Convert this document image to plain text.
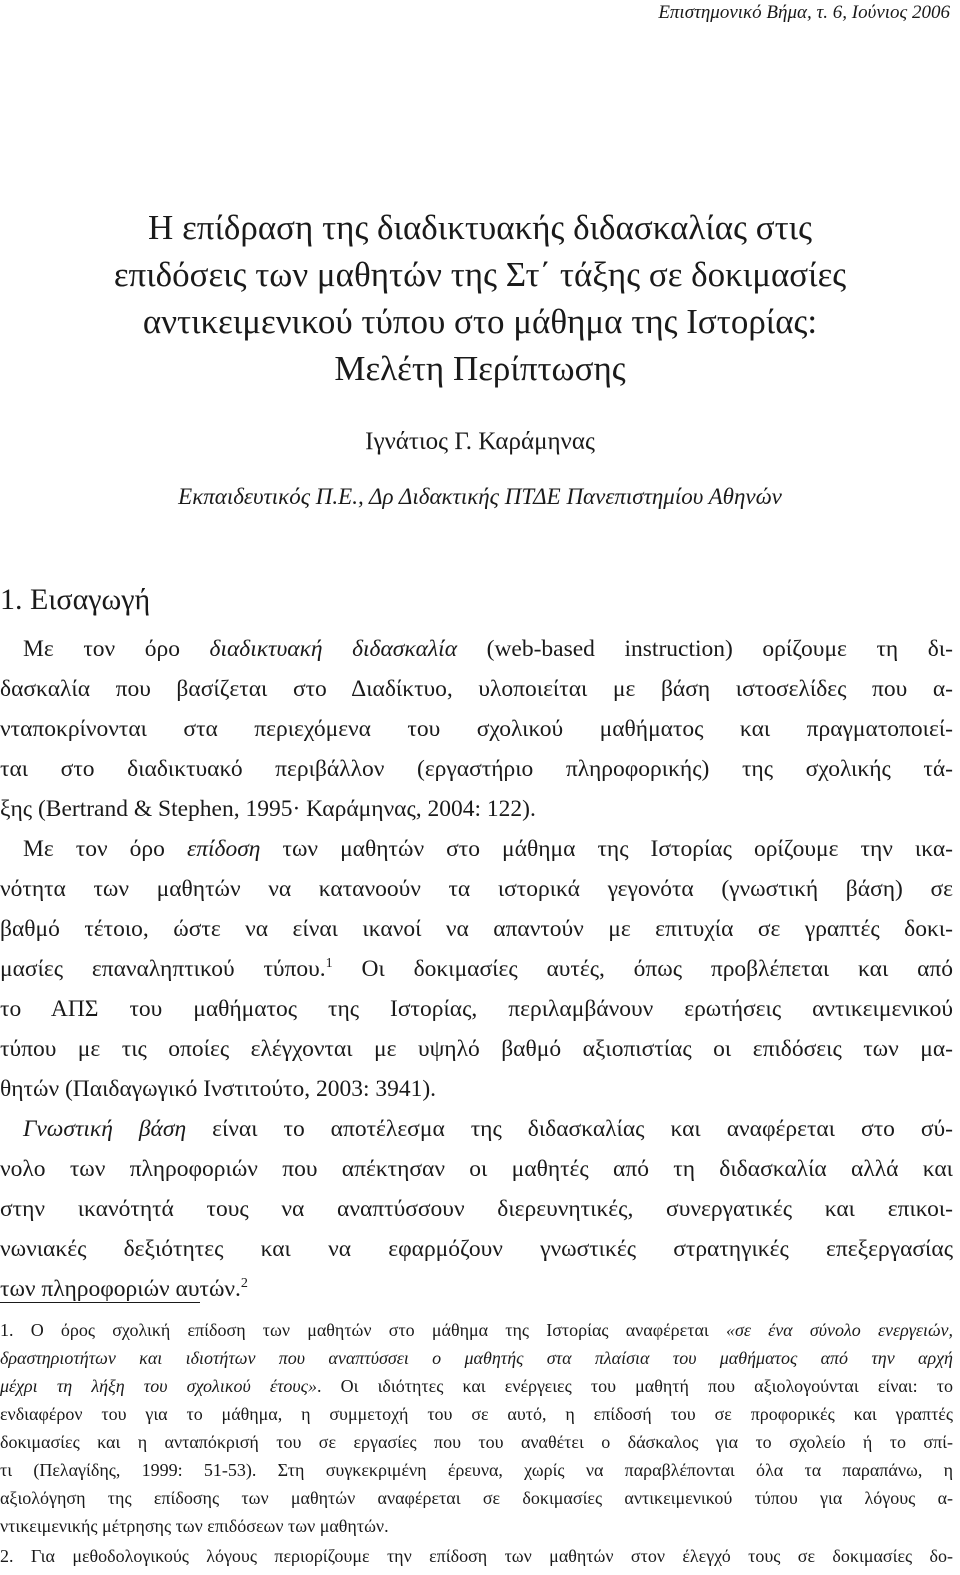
Επιστημονικό Βήμα, τ. 6, Ιούνιος 2006
Η επίδραση της διαδικτυακής διδασκαλίας στις
επιδόσεις των μαθητών της Στ΄ τάξης σε δοκιμασίες
αντικειμενικού τύπου στο μάθημα της Ιστορίας:
Μελέτη Περίπτωσης
Ιγνάτιος Γ. Καράμηνας
Εκπαιδευτικός Π.Ε., Δρ Διδακτικής ΠΤΔΕ Πανεπιστημίου Αθηνών
1. Εισαγωγή
Με τον όρο διαδικτυακή διδασκαλία (web-based instruction) ορίζουμε τη δι-
δασκαλία που βασίζεται στο Διαδίκτυο, υλοποιείται με βάση ιστοσελίδες που α-
νταποκρίνονται στα περιεχόμενα του σχολικού μαθήματος και πραγματοποιεί-
ται στο διαδικτυακό περιβάλλον (εργαστήριο πληροφορικής) της σχολικής τά-
ξης (Bertrand & Stephen, 1995· Καράμηνας, 2004: 122).
Με τον όρο επίδοση των μαθητών στο μάθημα της Ιστορίας ορίζουμε την ικα-
νότητα των μαθητών να κατανοούν τα ιστορικά γεγονότα (γνωστική βάση) σε
βαθμό τέτοιο, ώστε να είναι ικανοί να απαντούν με επιτυχία σε γραπτές δοκι-
μασίες επαναληπτικού τύπου.$^1$ Οι δοκιμασίες αυτές, όπως προβλέπεται και από
το ΑΠΣ του μαθήματος της Ιστορίας, περιλαμβάνουν ερωτήσεις αντικειμενικού
τύπου με τις οποίες ελέγχονται με υψηλό βαθμό αξιοπιστίας οι επιδόσεις των μα-
θητών (Παιδαγωγικό Ινστιτούτο, 2003: 3941).
Γνωστική βάση είναι το αποτέλεσμα της διδασκαλίας και αναφέρεται στο σύ-
νολο των πληροφοριών που απέκτησαν οι μαθητές από τη διδασκαλία αλλά και
στην ικανότητά τους να αναπτύσσουν διερευνητικές, συνεργατικές και επικοι-
νωνιακές δεξιότητες και να εφαρμόζουν γνωστικές στρατηγικές επεξεργασίας
των πληροφοριών αυτών.$^2$
1. Ο όρος σχολική επίδοση των μαθητών στο μάθημα της Ιστορίας αναφέρεται «σε ένα σύνολο ενεργειών,
δραστηριοτήτων και ιδιοτήτων που αναπτύσσει ο μαθητής στα πλαίσια του μαθήματος από την αρχή
μέχρι τη λήξη του σχολικού έτους». Οι ιδιότητες και ενέργειες του μαθητή που αξιολογούνται είναι: το
ενδιαφέρον του για το μάθημα, η συμμετοχή του σε αυτό, η επίδοσή του σε προφορικές και γραπτές
δοκιμασίες και η ανταπόκρισή του σε εργασίες που του αναθέτει ο δάσκαλος για το σχολείο ή το σπί-
τι (Πελαγίδης, 1999: 51-53). Στη συγκεκριμένη έρευνα, χωρίς να παραβλέπονται όλα τα παραπάνω, η
αξιολόγηση της επίδοσης των μαθητών αναφέρεται σε δοκιμασίες αντικειμενικού τύπου για λόγους α-
ντικειμενικής μέτρησης των επιδόσεων των μαθητών.
2. Για μεθοδολογικούς λόγους περιορίζουμε την επίδοση των μαθητών στον έλεγχό τους σε δοκιμασίες δο-
